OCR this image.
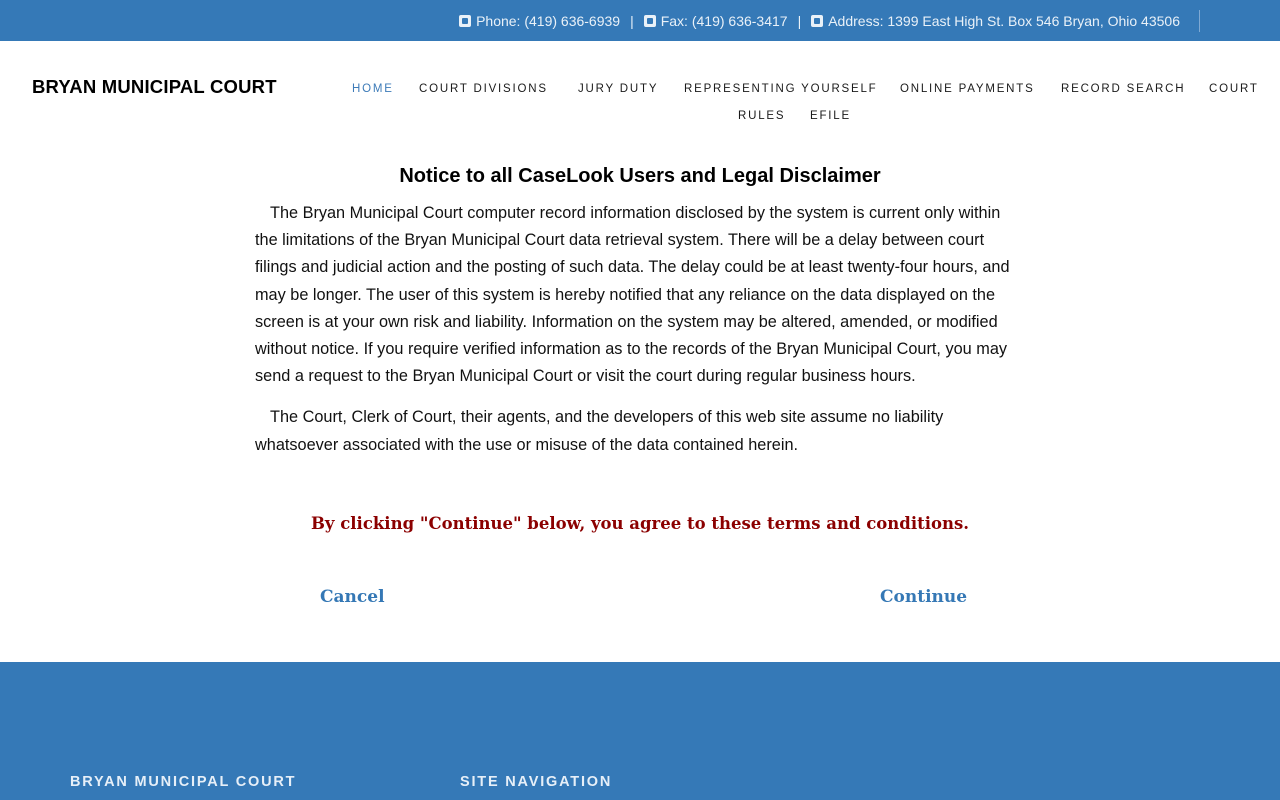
Phone: (419) 636-6939 | Fax: (419) 636-3417 | Address: 1399 East High St. Box 546 Bryan, Ohio 43506
BRYAN MUNICIPAL COURT	HOME COURT DIVISIONS	JURY DUTY REPRESENTING YOURSELF ONLINE PAYMENTS RECORD SEARCH COURT
RULES EFILE
Notice to all CaseLook Users and Legal Disclaimer

The Bryan Municipal Court computer record information disclosed by the system is current only within the limitations of the Bryan Municipal Court data retrieval system. There will be a delay between court filings and judicial action and the posting of such data. The delay could be at least twenty-four hours, and may be longer. The user of this system is hereby notified that any reliance on the data displayed on the screen is at your own risk and liability. Information on the system may be altered, amended, or modified without notice. If you require verified information as to the records of the Bryan Municipal Court, you may send a request to the Bryan Municipal Court or visit the court during regular business hours.

The Court, Clerk of Court, their agents, and the developers of this web site assume no liability whatsoever associated with the use or misuse of the data contained herein.

By clicking "Continue" below, you agree to these terms and conditions.
Cancel	Continue
BRYAN MUNICIPAL COURT	SITE NAVIGATION
